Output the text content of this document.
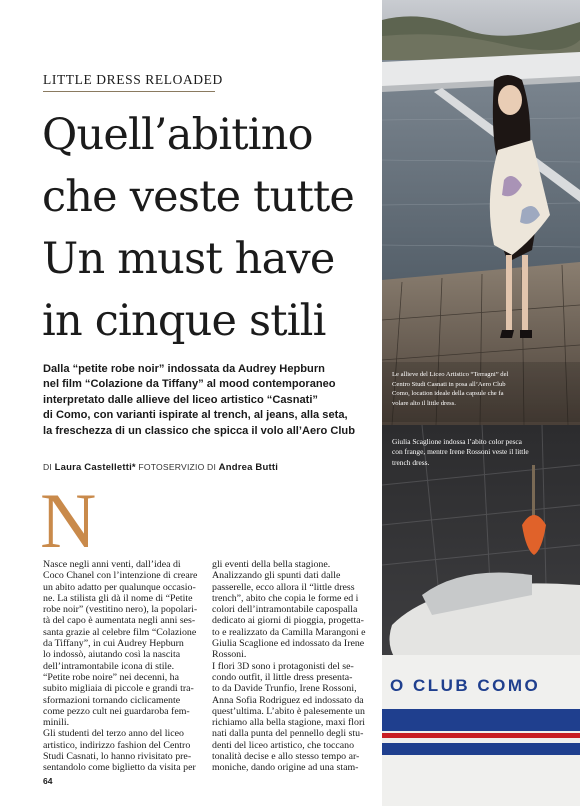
LITTLE DRESS RELOADED
Quell’abitino
che veste tutte
Un must have
in cinque stili
Dalla “petite robe noir” indossata da Audrey Hepburn
nel film “Colazione da Tiffany” al mood contemporaneo
interpretato dalle allieve del liceo artistico “Casnati”
di Como, con varianti ispirate al trench, al jeans, alla seta,
la freschezza di un classico che spicca il volo all’Aero Club
DI Laura Castelletti* FOTOSERVIZIO DI Andrea Butti
N
Nasce negli anni venti, dall’idea di
Coco Chanel con l’intenzione di creare
un abito adatto per qualunque occasio-
ne. La stilista gli dà il nome di “Petite
robe noir” (vestitino nero), la popolari-
tà del capo è aumentata negli anni ses-
santa grazie al celebre film “Colazione
da Tiffany”, in cui Audrey Hepburn
lo indossò, aiutando così la nascita
dell’intramontabile icona di stile.
“Petite robe noire” nei decenni, ha
subito migliaia di piccole e grandi tra-
sformazioni tornando ciclicamente
come pezzo cult nei guardaroba fem-
minili.
Gli studenti del terzo anno del liceo
artistico, indirizzo fashion del Centro
Studi Casnati, lo hanno rivisitato pre-
sentandolo come biglietto da visita per
gli eventi della bella stagione.
Analizzando gli spunti dati dalle
passerelle, ecco allora il “little dress
trench”, abito che copia le forme ed i
colori dell’intramontabile capospalla
dedicato ai giorni di pioggia, progetta-
to e realizzato da Camilla Marangoni e
Giulia Scaglione ed indossato da Irene
Rossoni.
I flori 3D sono i protagonisti del se-
condo outfit, il little dress presenta-
to da Davide Trunfio, Irene Rossoni,
Anna Sofia Rodriguez ed indossato da
quest’ultima. L’abito è palesemente un
richiamo alla bella stagione, maxi flori
nati dalla punta del pennello degli stu-
denti del liceo artistico, che toccano
tonalità decise e allo stesso tempo ar-
moniche, dando origine ad una stam-
64
Le allieve del Liceo Artistico “Terragni” del
Centro Studi Casnati in posa all’Aero Club
Como, location ideale della capsule che fa
volare alto il little dress.
O CLUB COMO
Giulia Scaglione indossa l’abito color pesca
con frange, mentre Irene Rossoni veste il little
trench dress.
